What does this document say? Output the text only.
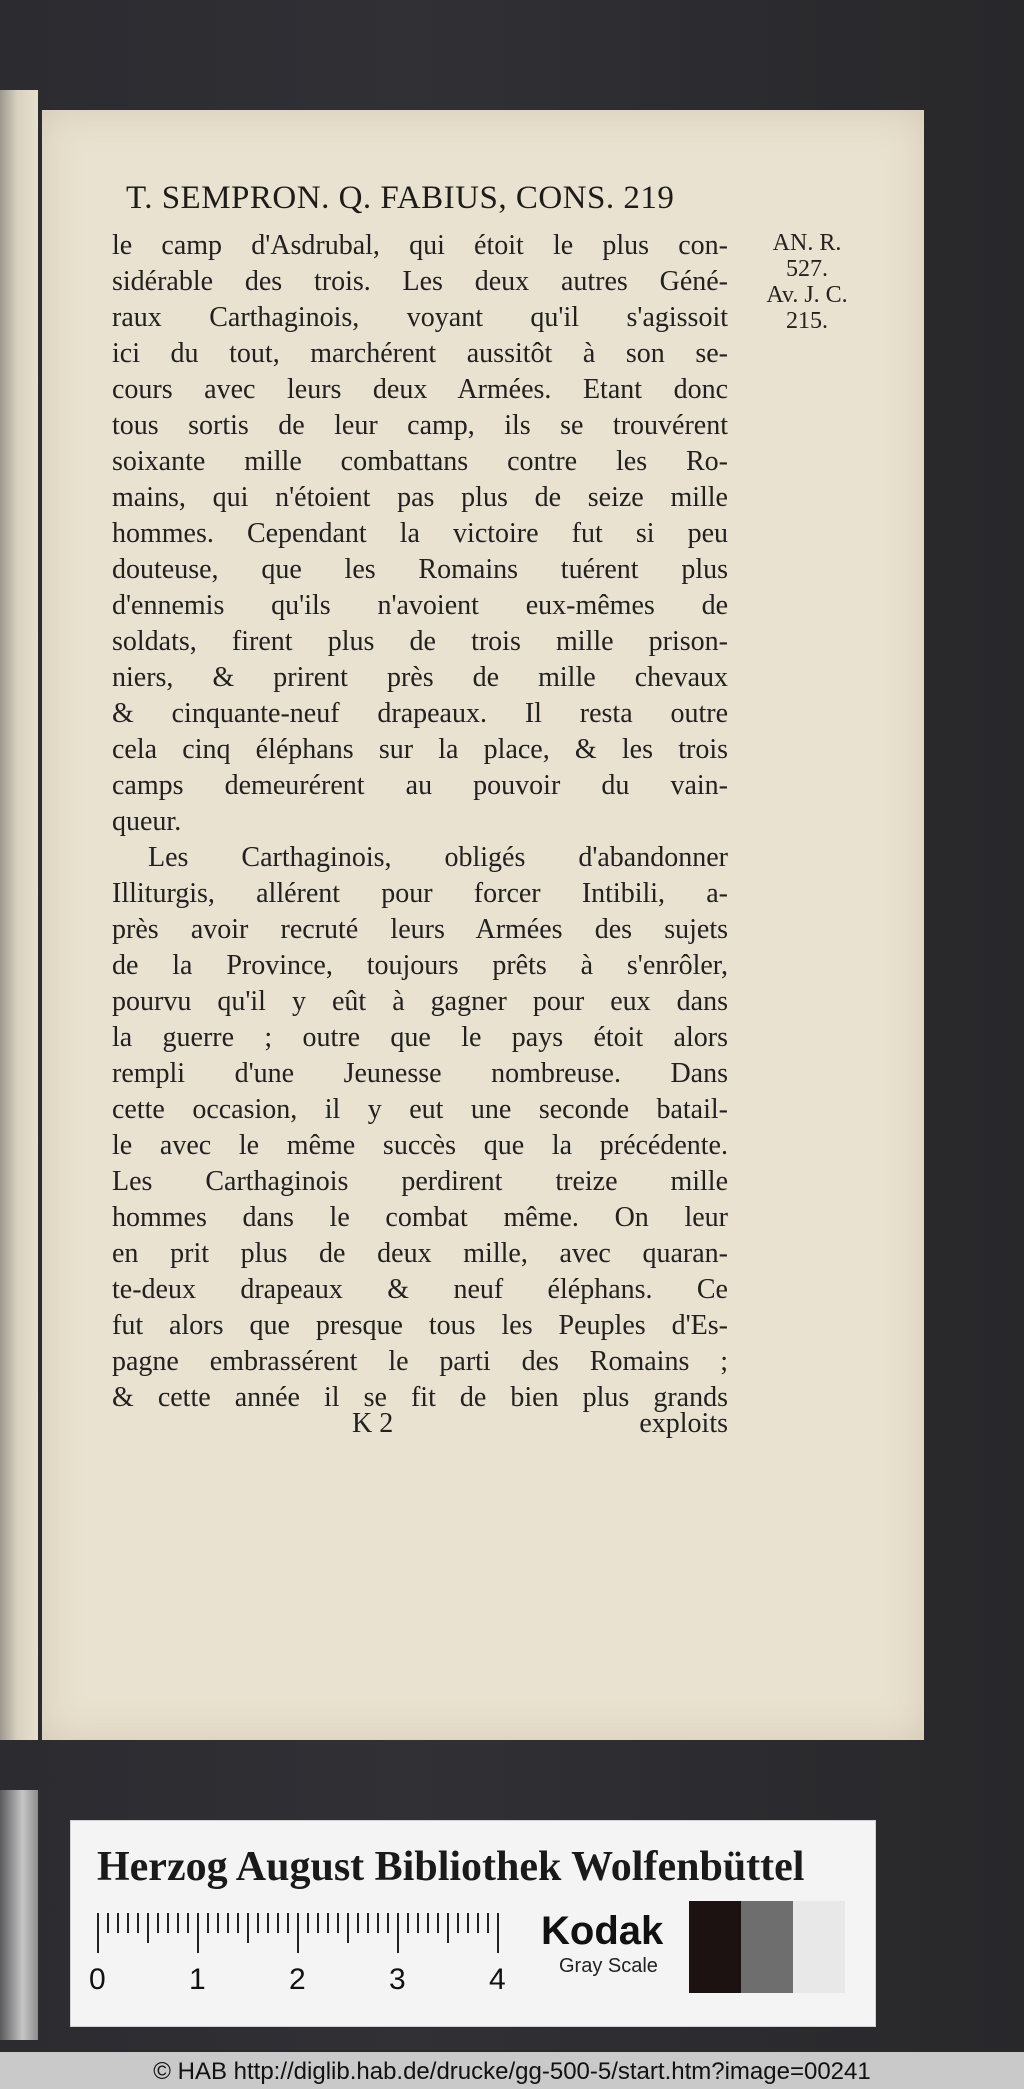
T. SEMPRON. Q. FABIUS, CONS. 219
AN. R.
527.
Av. J. C.
215.
le camp d'Asdrubal, qui étoit le plus con-
sidérable des trois. Les deux autres Géné-
raux Carthaginois, voyant qu'il s'agissoit
ici du tout, marchérent aussitôt à son se-
cours avec leurs deux Armées. Etant donc
tous sortis de leur camp, ils se trouvérent
soixante mille combattans contre les Ro-
mains, qui n'étoient pas plus de seize mille
hommes. Cependant la victoire fut si peu
douteuse, que les Romains tuérent plus
d'ennemis qu'ils n'avoient eux-mêmes de
soldats, firent plus de trois mille prison-
niers, & prirent près de mille chevaux
& cinquante-neuf drapeaux. Il resta outre
cela cinq éléphans sur la place, & les trois
camps demeurérent au pouvoir du vain-
queur.
Les Carthaginois, obligés d'abandonner
Illiturgis, allérent pour forcer Intibili, a-
près avoir recruté leurs Armées des sujets
de la Province, toujours prêts à s'enrôler,
pourvu qu'il y eût à gagner pour eux dans
la guerre ; outre que le pays étoit alors
rempli d'une Jeunesse nombreuse. Dans
cette occasion, il y eut une seconde batail-
le avec le même succès que la précédente.
Les Carthaginois perdirent treize mille
hommes dans le combat même. On leur
en prit plus de deux mille, avec quaran-
te-deux drapeaux & neuf éléphans. Ce
fut alors que presque tous les Peuples d'Es-
pagne embrassérent le parti des Romains ;
& cette année il se fit de bien plus grands
K 2	exploits
Herzog August Bibliothek Wolfenbüttel
0	1	2	3	4
Kodak
Gray Scale
© HAB http://diglib.hab.de/drucke/gg-500-5/start.htm?image=00241
